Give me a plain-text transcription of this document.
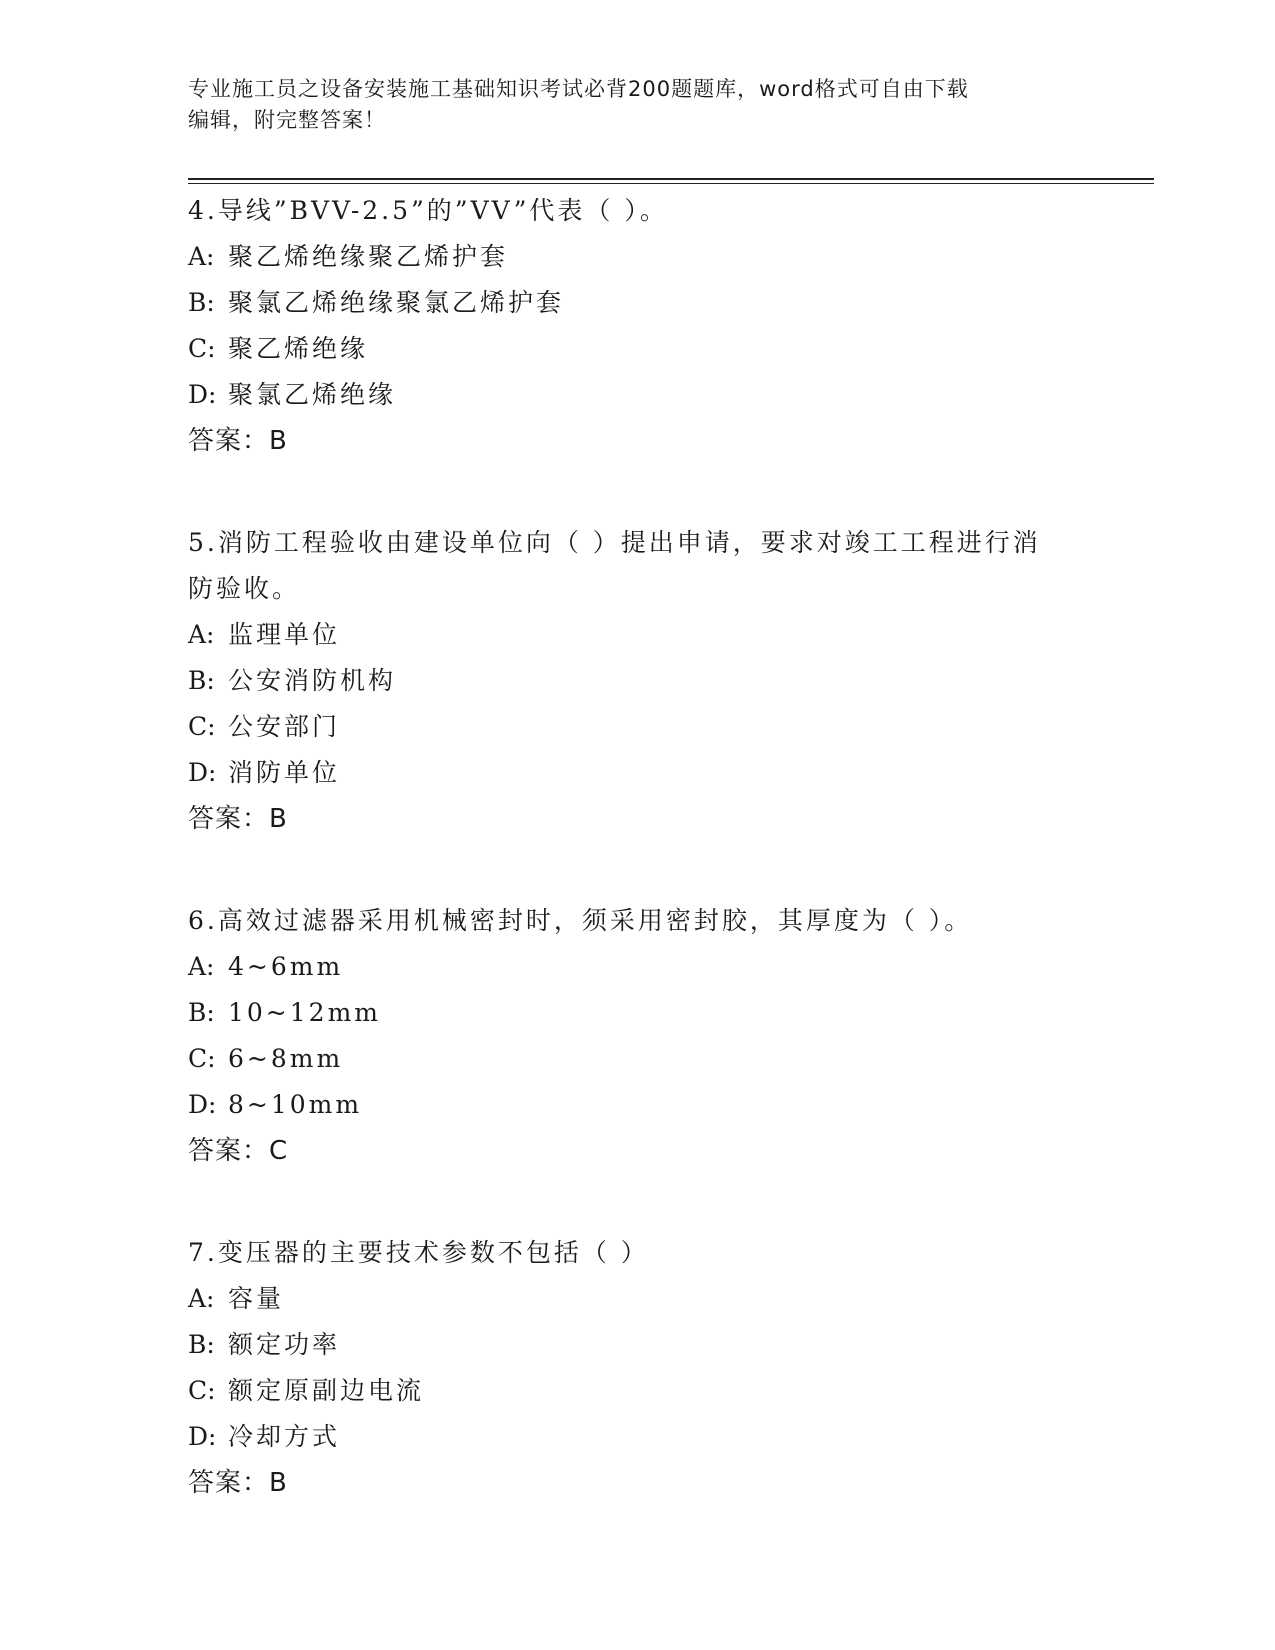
专业施工员之设备安装施工基础知识考试必背200题题库，word格式可自由下载
编辑，附完整答案！
4.导线”BVV-2.5”的”VV”代表（ ）。
A: 聚乙烯绝缘聚乙烯护套
B: 聚氯乙烯绝缘聚氯乙烯护套
C: 聚乙烯绝缘
D: 聚氯乙烯绝缘
答案：B
5.消防工程验收由建设单位向（ ）提出申请，要求对竣工工程进行消
防验收。
A: 监理单位
B: 公安消防机构
C: 公安部门
D: 消防单位
答案：B
6.高效过滤器采用机械密封时，须采用密封胶，其厚度为（ ）。
A: 4~6mm
B: 10~12mm
C: 6~8mm
D: 8~10mm
答案：C
7.变压器的主要技术参数不包括（ ）
A: 容量
B: 额定功率
C: 额定原副边电流
D: 冷却方式
答案：B
